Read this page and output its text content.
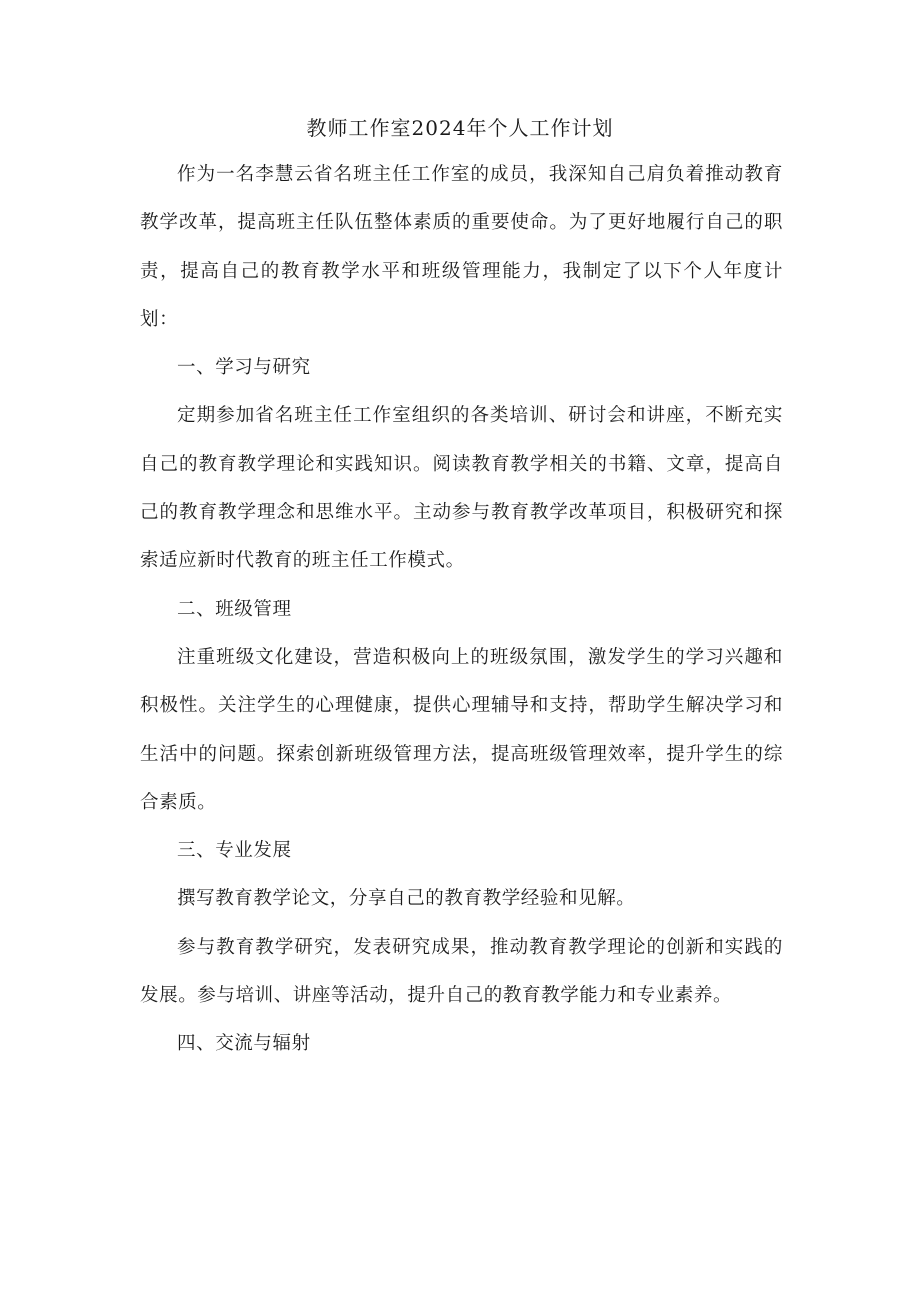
教师工作室2024年个人工作计划

作为一名李慧云省名班主任工作室的成员，我深知自己肩负着推动教育教学改革，提高班主任队伍整体素质的重要使命。为了更好地履行自己的职责，提高自己的教育教学水平和班级管理能力，我制定了以下个人年度计划：

一、学习与研究

定期参加省名班主任工作室组织的各类培训、研讨会和讲座，不断充实自己的教育教学理论和实践知识。阅读教育教学相关的书籍、文章，提高自己的教育教学理念和思维水平。主动参与教育教学改革项目，积极研究和探索适应新时代教育的班主任工作模式。

二、班级管理

注重班级文化建设，营造积极向上的班级氛围，激发学生的学习兴趣和积极性。关注学生的心理健康，提供心理辅导和支持，帮助学生解决学习和生活中的问题。探索创新班级管理方法，提高班级管理效率，提升学生的综合素质。

三、专业发展

撰写教育教学论文，分享自己的教育教学经验和见解。

参与教育教学研究，发表研究成果，推动教育教学理论的创新和实践的发展。参与培训、讲座等活动，提升自己的教育教学能力和专业素养。

四、交流与辐射
